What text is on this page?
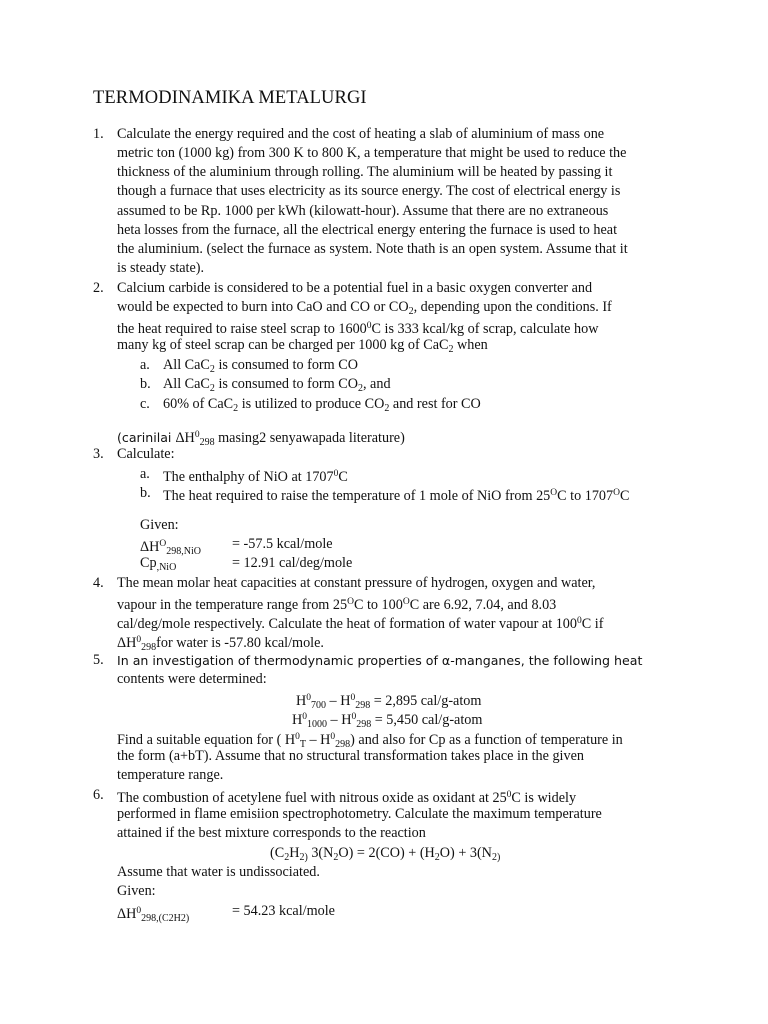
TERMODINAMIKA METALURGI
1. Calculate the energy required and the cost of heating a slab of aluminium of mass one
metric ton (1000 kg) from 300 K to 800 K, a temperature that might be used to reduce the
thickness of the aluminium through rolling. The aluminium will be heated by passing it
though a furnace that uses electricity as its source energy. The cost of electrical energy is
assumed to be Rp. 1000 per kWh (kilowatt-hour). Assume that there are no extraneous
heta losses from the furnace, all the electrical energy entering the furnace is used to heat
the aluminium. (select the furnace as system. Note thath is an open system. Assume that it
is steady state).
2. Calcium carbide is considered to be a potential fuel in a basic oxygen converter and
would be expected to burn into CaO and CO or $CO_2$, depending upon the conditions. If
the heat required to raise steel scrap to 1600$^0$C is 333 kcal/kg of scrap, calculate how
many kg of steel scrap can be charged per 1000 kg of CaC$_2$ when
a. All CaC$_2$ is consumed to form CO
b. All CaC$_2$ is consumed to form $CO_2$, and
c. 60% of CaC$_2$ is utilized to produce $CO_2$ and rest for CO
(carinilai $\Delta H^0_{298}$ masing2 senyawapada literature)
3. Calculate:
a. The enthalphy of NiO at 1707$^0$C
b. The heat required to raise the temperature of 1 mole of NiO from $25^OC$ to $1707^OC$
Given:
$\Delta H^O_{298,NiO} = -57.5$ kcal/mole
$Cp_{,NiO}$	= 12.91 cal/deg/mole
4. The mean molar heat capacities at constant pressure of hydrogen, oxygen and water,
vapour in the temperature range from $25^OC$ to $100^OC$ are 6.92, 7.04, and 8.03
cal/deg/mole respectively. Calculate the heat of formation of water vapour at $100^0C$ if
$\Delta H^0_{298}for$ water is -57.80 kcal/mole.
5. In an investigation of thermodynamic properties of α-manganes, the following heat
contents were determined:
$H^0_{700} - H^0_{298} = 2,895$ cal/g-atom
$H^0_{1000} - H^0_{298} = 5,450$ cal/g-atom
Find a suitable equation for ( $H^0_T - H^0_{298}$) and also for Cp as a function of temperature in
the form (a+bT). Assume that no structural transformation takes place in the given
temperature range.
6. The combustion of acetylene fuel with nitrous oxide as oxidant at $25^0C$ is widely
performed in flame emisiion spectrophotometry. Calculate the maximum temperature
attained if the best mixture corresponds to the reaction
($C_2H_{2)}$ $3(N_2O) = 2(CO) + (H_2O) + 3(N_{2)}$
Assume that water is undissociated.
Given:
$\Delta H^0_{298,(C2H2)}$	= 54.23 kcal/mole
